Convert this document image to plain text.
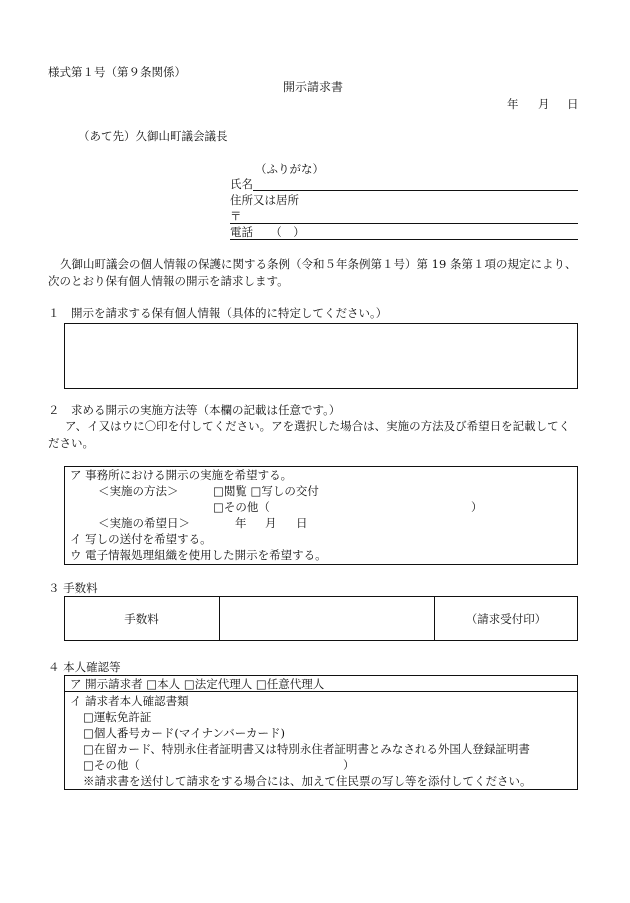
様式第１号（第９条関係）
開示請求書
年 月 日
（あて先）久御山町議会議長
（ふりがな）
氏名
住所又は居所
〒
電話　　（　）
久御山町議会の個人情報の保護に関する条例（令和５年条例第１号）第 19 条第１項の規定により、次のとおり保有個人情報の開示を請求します。
１　開示を請求する保有個人情報（具体的に特定してください。）
２　求める開示の実施方法等（本欄の記載は任意です。）
ア、イ又はウに〇印を付してください。アを選択した場合は、実施の方法及び希望日を記載してください。
ア 事務所における開示の実施を希望する。
＜実施の方法＞	□閲覧 □写しの交付
□その他（	）
＜実施の希望日＞	年 月 日
イ 写しの送付を希望する。
ウ 電子情報処理組織を使用した開示を希望する。
３ 手数料
手数料	（請求受付印）
４ 本人確認等
ア 開示請求者 □本人 □法定代理人 □任意代理人
イ 請求者本人確認書類
□運転免許証
□個人番号カード(マイナンバーカード)
□在留カード、特別永住者証明書又は特別永住者証明書とみなされる外国人登録証明書
□その他（	）
※請求書を送付して請求をする場合には、加えて住民票の写し等を添付してください。
